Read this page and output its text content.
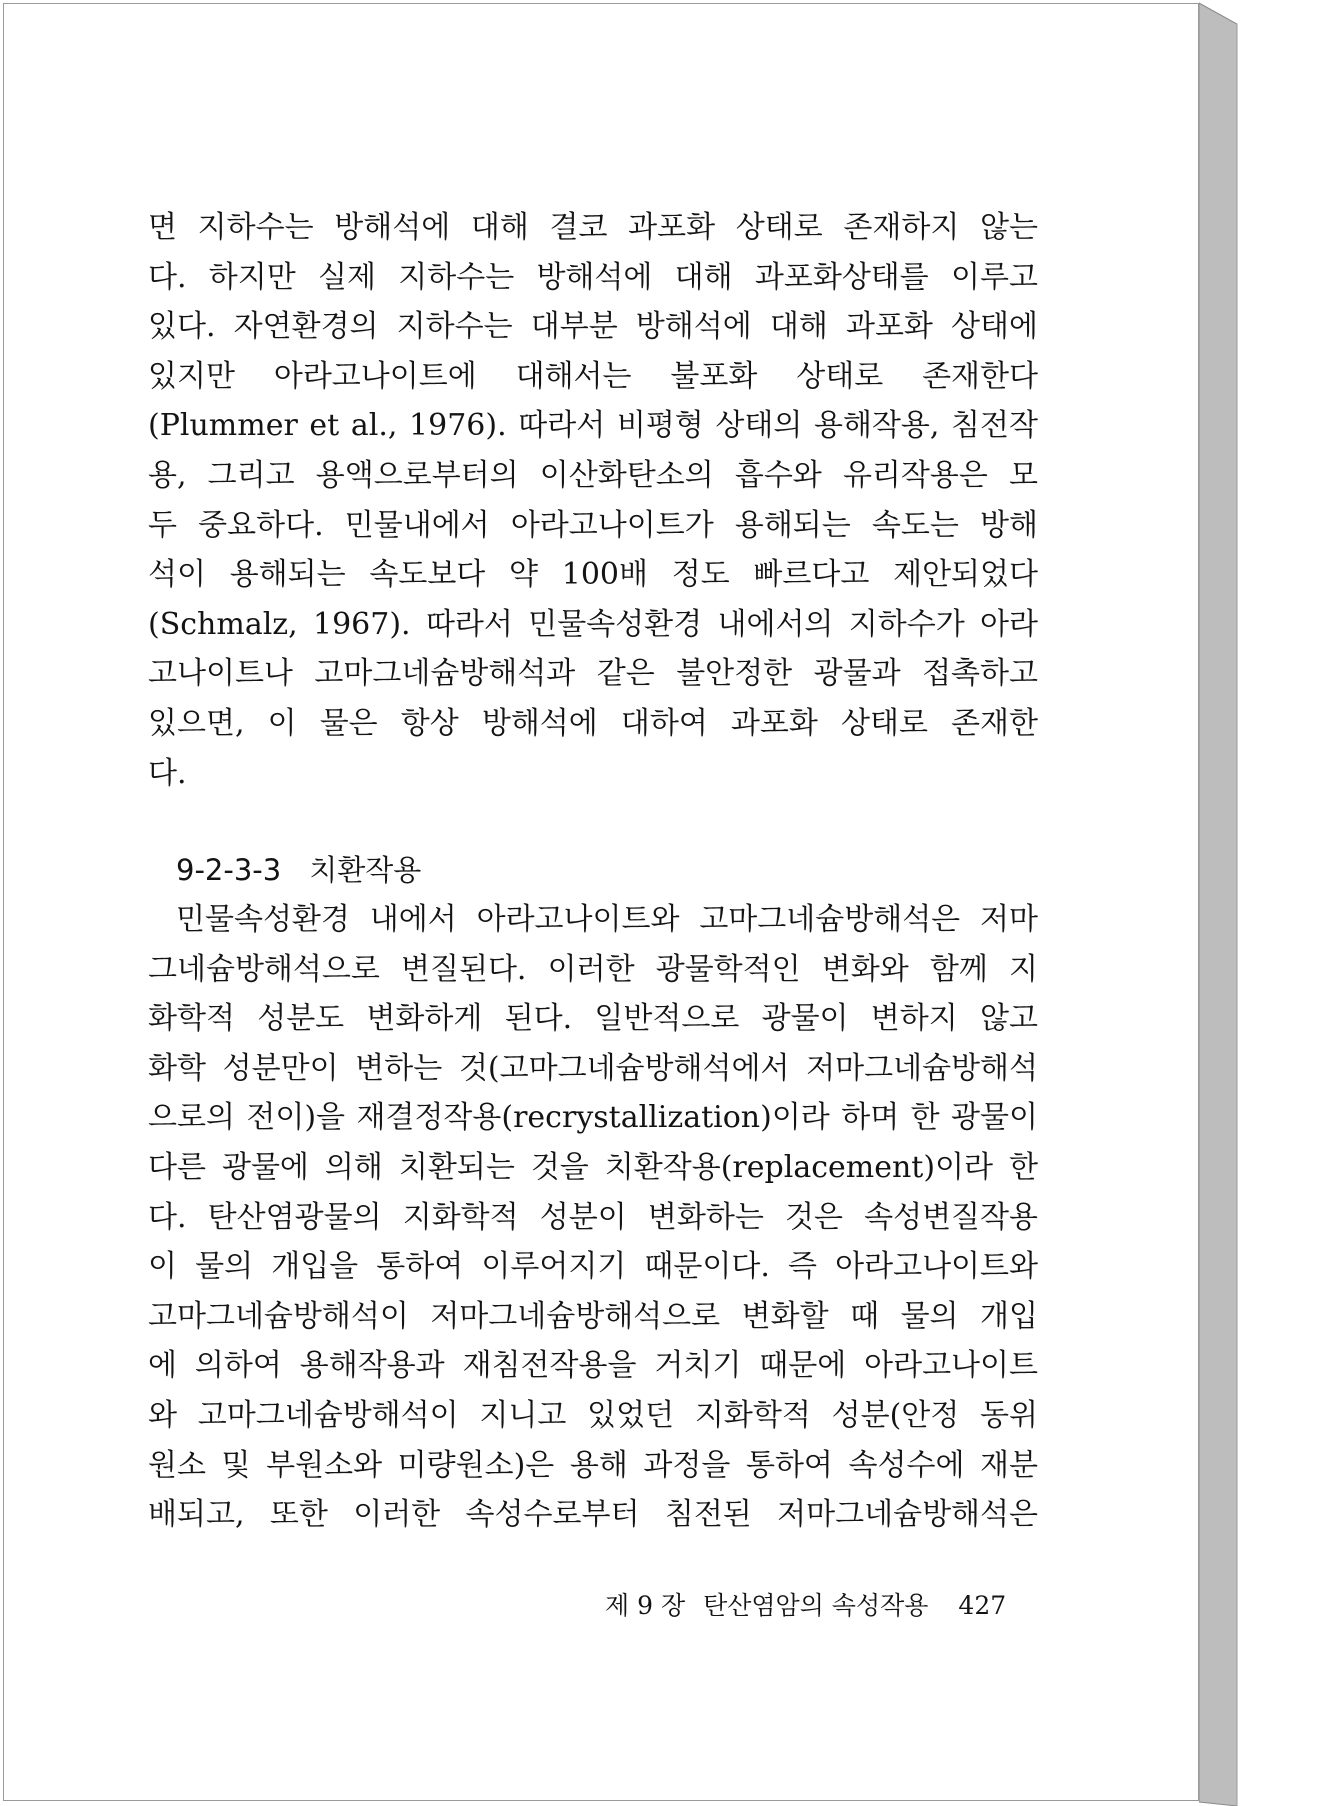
면 지하수는 방해석에 대해 결코 과포화 상태로 존재하지 않는
다. 하지만 실제 지하수는 방해석에 대해 과포화상태를 이루고
있다. 자연환경의 지하수는 대부분 방해석에 대해 과포화 상태에
있지만 아라고나이트에 대해서는 불포화 상태로 존재한다
(Plummer et al., 1976). 따라서 비평형 상태의 용해작용, 침전작
용, 그리고 용액으로부터의 이산화탄소의 흡수와 유리작용은 모
두 중요하다. 민물내에서 아라고나이트가 용해되는 속도는 방해
석이 용해되는 속도보다 약 100배 정도 빠르다고 제안되었다
(Schmalz, 1967). 따라서 민물속성환경 내에서의 지하수가 아라
고나이트나 고마그네슘방해석과 같은 불안정한 광물과 접촉하고
있으면, 이 물은 항상 방해석에 대하여 과포화 상태로 존재한
다.
9-2-3-3 치환작용
민물속성환경 내에서 아라고나이트와 고마그네슘방해석은 저마
그네슘방해석으로 변질된다. 이러한 광물학적인 변화와 함께 지
화학적 성분도 변화하게 된다. 일반적으로 광물이 변하지 않고
화학 성분만이 변하는 것(고마그네슘방해석에서 저마그네슘방해석
으로의 전이)을 재결정작용(recrystallization)이라 하며 한 광물이
다른 광물에 의해 치환되는 것을 치환작용(replacement)이라 한
다. 탄산염광물의 지화학적 성분이 변화하는 것은 속성변질작용
이 물의 개입을 통하여 이루어지기 때문이다. 즉 아라고나이트와
고마그네슘방해석이 저마그네슘방해석으로 변화할 때 물의 개입
에 의하여 용해작용과 재침전작용을 거치기 때문에 아라고나이트
와 고마그네슘방해석이 지니고 있었던 지화학적 성분(안정 동위
원소 및 부원소와 미량원소)은 용해 과정을 통하여 속성수에 재분
배되고, 또한 이러한 속성수로부터 침전된 저마그네슘방해석은
제 9 장 탄산염암의 속성작용 427
